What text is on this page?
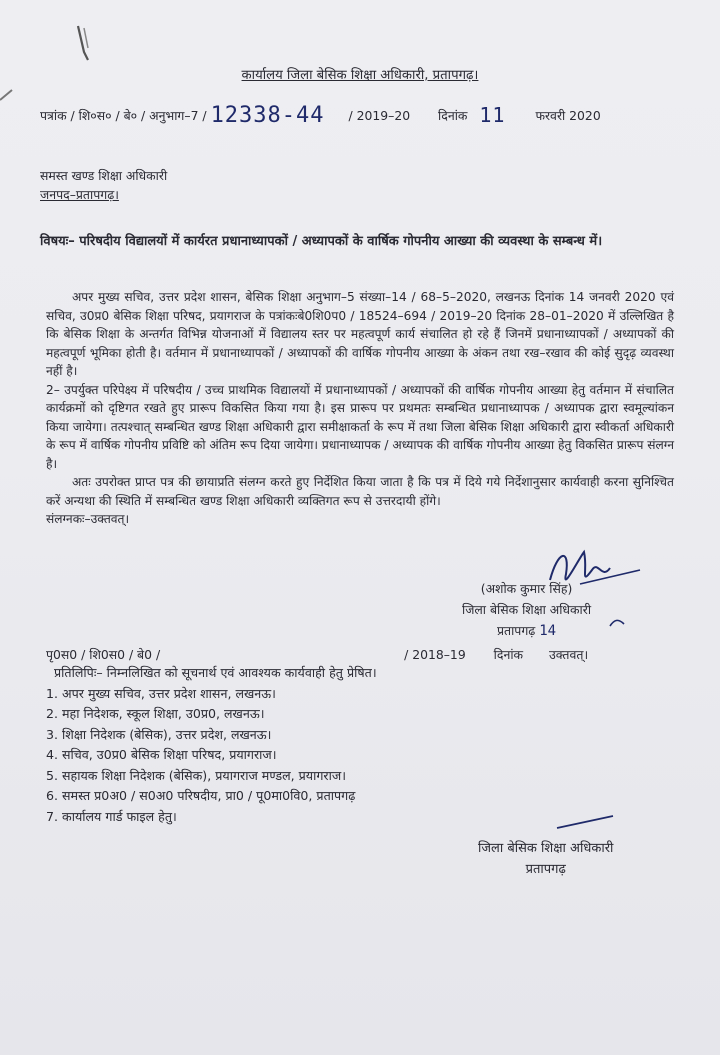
कार्यालय जिला बेसिक शिक्षा अधिकारी, प्रतापगढ़।
पत्रांक / शि०स० / बे० / अनुभाग–7 / 12338-44 / 2019–20 दिनांक 11 फरवरी 2020
समस्त खण्ड शिक्षा अधिकारी
जनपद–प्रतापगढ़।
विषयः– परिषदीय विद्यालयों में कार्यरत प्रधानाध्यापकों / अध्यापकों के वार्षिक गोपनीय आख्या की व्यवस्था के सम्बन्ध में।

अपर मुख्य सचिव, उत्तर प्रदेश शासन, बेसिक शिक्षा अनुभाग–5 संख्या–14 / 68–5–2020, लखनऊ दिनांक 14 जनवरी 2020 एवं सचिव, उ0प्र0 बेसिक शिक्षा परिषद, प्रयागराज के पत्रांकःबे0शि0प0 / 18524–694 / 2019–20 दिनांक 28–01–2020 में उल्लिखित है कि बेसिक शिक्षा के अन्तर्गत विभिन्न योजनाओं में विद्यालय स्तर पर महत्वपूर्ण कार्य संचालित हो रहे हैं जिनमें प्रधानाध्यापकों / अध्यापकों की महत्वपूर्ण भूमिका होती है। वर्तमान में प्रधानाध्यापकों / अध्यापकों की वार्षिक गोपनीय आख्या के अंकन तथा रख–रखाव की कोई सुदृढ़ व्यवस्था नहीं है।

2– उपर्युक्त परिपेक्ष्य में परिषदीय / उच्च प्राथमिक विद्यालयों में प्रधानाध्यापकों / अध्यापकों की वार्षिक गोपनीय आख्या हेतु वर्तमान में संचालित कार्यक्रमों को दृष्टिगत रखते हुए प्रारूप विकसित किया गया है। इस प्रारूप पर प्रथमतः सम्बन्धित प्रधानाध्यापक / अध्यापक द्वारा स्वमूल्यांकन किया जायेगा। तत्पश्चात् सम्बन्धित खण्ड शिक्षा अधिकारी द्वारा समीक्षाकर्ता के रूप में तथा जिला बेसिक शिक्षा अधिकारी द्वारा स्वीकर्ता अधिकारी के रूप में वार्षिक गोपनीय प्रविष्टि को अंतिम रूप दिया जायेगा। प्रधानाध्यापक / अध्यापक की वार्षिक गोपनीय आख्या हेतु विकसित प्रारूप संलग्न है।

अतः उपरोक्त प्राप्त पत्र की छायाप्रति संलग्न करते हुए निर्देशित किया जाता है कि पत्र में दिये गये निर्देशानुसार कार्यवाही करना सुनिश्चित करें अन्यथा की स्थिति में सम्बन्धित खण्ड शिक्षा अधिकारी व्यक्तिगत रूप से उत्तरदायी होंगे।

संलग्नकः–उक्तवत्।

(अशोक कुमार सिंह)
जिला बेसिक शिक्षा अधिकारी
प्रतापगढ़ 14
पृ0स0 / शि0स0 / बे0 /	/ 2018–19 दिनांक उक्तवत्।
प्रतिलिपिः– निम्नलिखित को सूचनार्थ एवं आवश्यक कार्यवाही हेतु प्रेषित।
1. अपर मुख्य सचिव, उत्तर प्रदेश शासन, लखनऊ।
2. महा निदेशक, स्कूल शिक्षा, उ0प्र0, लखनऊ।
3. शिक्षा निदेशक (बेसिक), उत्तर प्रदेश, लखनऊ।
4. सचिव, उ0प्र0 बेसिक शिक्षा परिषद, प्रयागराज।
5. सहायक शिक्षा निदेशक (बेसिक), प्रयागराज मण्डल, प्रयागराज।
6. समस्त प्र0अ0 / स0अ0 परिषदीय, प्रा0 / पू0मा0वि0, प्रतापगढ़
7. कार्यालय गार्ड फाइल हेतु।
जिला बेसिक शिक्षा अधिकारी
प्रतापगढ़
